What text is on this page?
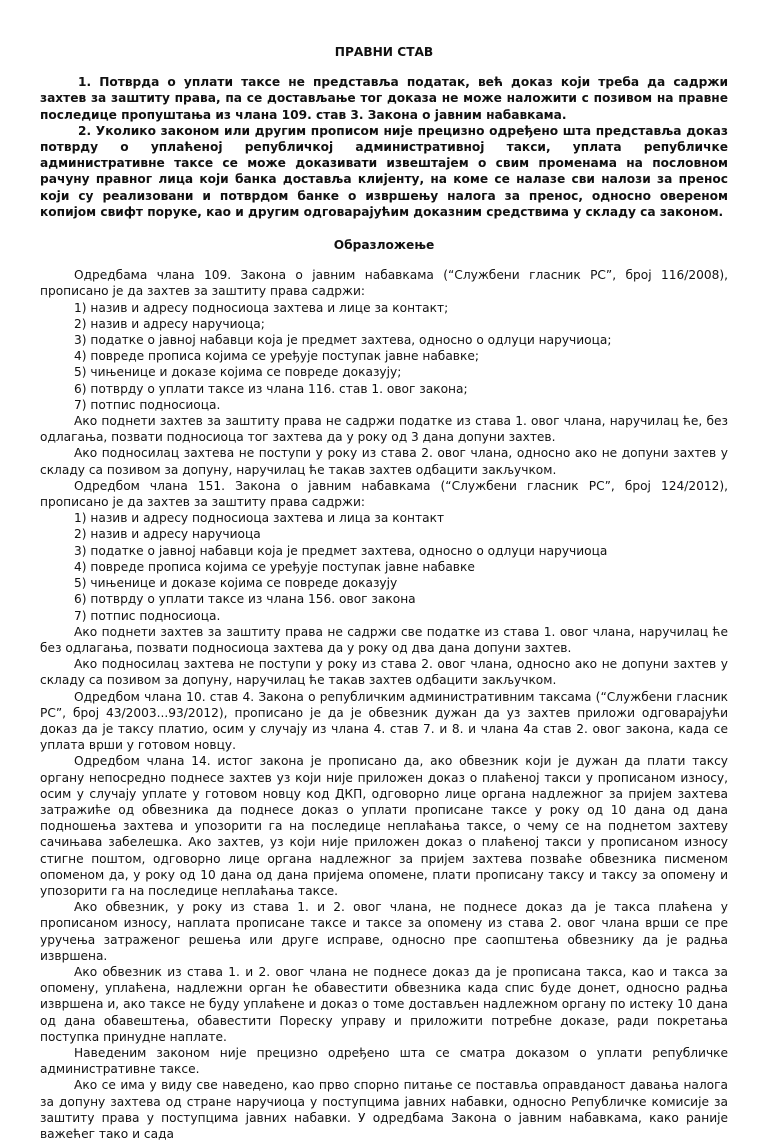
ПРАВНИ СТАВ

1. Потврда о уплати таксе не представља податак, већ доказ који треба да садржи захтев за заштиту права, па се достављање тог доказа не може наложити с позивом на правне последице пропуштања из члана 109. став 3. Закона о јавним набавкама.

2. Уколико законом или другим прописом није прецизно одређено шта представља доказ потврду о уплаћеној републичкој административној такси, уплата републичке административне таксе се може доказивати извештајем о свим променама на пословном рачуну правног лица који банка доставља клијенту, на коме се налазе сви налози за пренос који су реализовани и потврдом банке о извршењу налога за пренос, односно овереном копијом свифт поруке, као и другим одговарајућим доказним средствима у складу са законом.

Образложење

Одредбама члана 109. Закона о јавним набавкама (“Службени гласник РС”, број 116/2008), прописано је да захтев за заштиту права садржи:

1) назив и адресу подносиоца захтева и лице за контакт;

2) назив и адресу наручиоца;

3) податке о јавној набавци која је предмет захтева, односно о одлуци наручиоца;

4) повреде прописа којима се уређује поступак јавне набавке;

5) чињенице и доказе којима се повреде доказују;

6) потврду о уплати таксе из члана 116. став 1. овог закона;

7) потпис подносиоца.

Ако поднети захтев за заштиту права не садржи податке из става 1. овог члана, наручилац ће, без одлагања, позвати подносиоца тог захтева да у року од 3 дана допуни захтев.

Ако подносилац захтева не поступи у року из става 2. овог члана, односно ако не допуни захтев у складу са позивом за допуну, наручилац ће такав захтев одбацити закључком.

Одредбом члана 151. Закона о јавним набавкама (“Службени гласник РС”, број 124/2012), прописано је да захтев за заштиту права садржи:

1) назив и адресу подносиоца захтева и лица за контакт

2) назив и адресу наручиоца

3) податке о јавној набавци која је предмет захтева, односно о одлуци наручиоца

4) повреде прописа којима се уређује поступак јавне набавке

5) чињенице и доказе којима се повреде доказују

6) потврду о уплати таксе из члана 156. овог закона

7) потпис подносиоца.

Ако поднети захтев за заштиту права не садржи све податке из става 1. овог члана, наручилац ће без одлагања, позвати подносиоца захтева да у року од два дана допуни захтев.

Ако подносилац захтева не поступи у року из става 2. овог члана, односно ако не допуни захтев у складу са позивом за допуну, наручилац ће такав захтев одбацити закључком.

Одредбом члана 10. став 4. Закона о републичким административним таксама (“Службени гласник РС”, број 43/2003...93/2012), прописано је да је обвезник дужан да уз захтев приложи одговарајући доказ да је таксу платио, осим у случају из члана 4. став 7. и 8. и члана 4а став 2. овог закона, када се уплата врши у готовом новцу.

Одредбом члана 14. истог закона је прописано да, ако обвезник који је дужан да плати таксу органу непосредно поднесе захтев уз који није приложен доказ о плаћеној такси у прописаном износу, осим у случају уплате у готовом новцу код ДКП, одговорно лице органа надлежног за пријем захтева затражиће од обвезника да поднесе доказ о уплати прописане таксе у року од 10 дана од дана подношења захтева и упозорити га на последице неплаћања таксе, о чему се на поднетом захтеву сачињава забелешка. Ако захтев, уз који није приложен доказ о плаћеној такси у прописаном износу стигне поштом, одговорно лице органа надлежног за пријем захтева позваће обвезника писменом опоменом да, у року од 10 дана од дана пријема опомене, плати прописану таксу и таксу за опомену и упозорити га на последице неплаћања таксе.

Ако обвезник, у року из става 1. и 2. овог члана, не поднесе доказ да је такса плаћена у прописаном износу, наплата прописане таксе и таксе за опомену из става 2. овог члана врши се пре уручења затраженог решења или друге исправе, односно пре саопштења обвезнику да је радња извршена.

Ако обвезник из става 1. и 2. овог члана не поднесе доказ да је прописана такса, као и такса за опомену, уплаћена, надлежни орган ће обавестити обвезника када спис буде донет, односно радња извршена и, ако таксе не буду уплаћене и доказ о томе достављен надлежном органу по истеку 10 дана од дана обавештења, обавестити Пореску управу и приложити потребне доказе, ради покретања поступка принудне наплате.

Наведеним законом није прецизно одређено шта се сматра доказом о уплати републичке административне таксе.

Ако се има у виду све наведено, као прво спорно питање се поставља оправданост давања налога за допуну захтева од стране наручиоца у поступцима јавних набавки, односно Републичке комисије за заштиту права у поступцима јавних набавки. У одредбама Закона о јавним набавкама, како раније важећег тако и сада
